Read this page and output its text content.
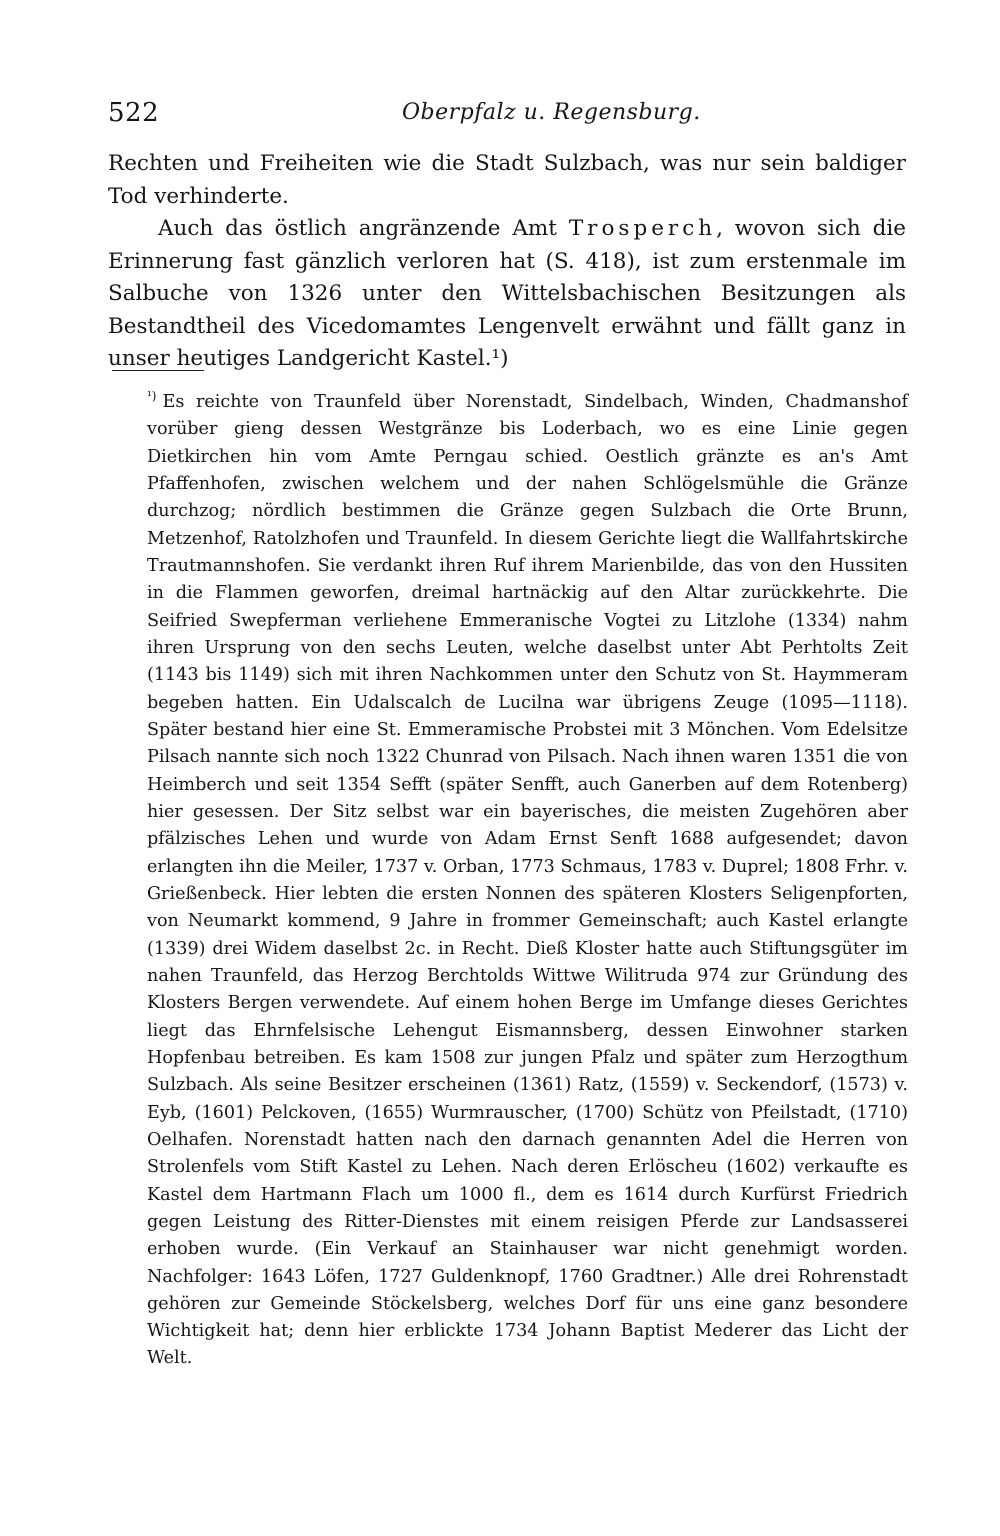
522	Oberpfalz u. Regensburg.

Rechten und Freiheiten wie die Stadt Sulzbach, was nur sein baldiger Tod verhinderte.

Auch das östlich angränzende Amt Trosperch, wovon sich die Erinnerung fast gänzlich verloren hat (S. 418), ist zum erstenmale im Salbuche von 1326 unter den Wittelsbachischen Besitzungen als Bestandtheil des Vicedomamtes Lengenvelt erwähnt und fällt ganz in unser heutiges Landgericht Kastel.¹)

$^{^1)}$ Es reichte von Traunfeld über Norenstadt, Sindelbach, Winden, Chadmanshof vorüber gieng dessen Westgränze bis Loderbach, wo es eine Linie gegen Dietkirchen hin vom Amte Perngau schied. Oestlich gränzte es an's Amt Pfaffenhofen, zwischen welchem und der nahen Schlögelsmühle die Gränze durchzog; nördlich bestimmen die Gränze gegen Sulzbach die Orte Brunn, Metzenhof, Ratolzhofen und Traunfeld. In diesem Gerichte liegt die Wallfahrtskirche Trautmannshofen. Sie verdankt ihren Ruf ihrem Marienbilde, das von den Hussiten in die Flammen geworfen, dreimal hartnäckig auf den Altar zurückkehrte. Die Seifried Swepferman verliehene Emmeranische Vogtei zu Litzlohe (1334) nahm ihren Ursprung von den sechs Leuten, welche daselbst unter Abt Perhtolts Zeit (1143 bis 1149) sich mit ihren Nachkommen unter den Schutz von St. Haymmeram begeben hatten. Ein Udalscalch de Lucilna war übrigens Zeuge (1095—1118). Später bestand hier eine St. Emmeramische Probstei mit 3 Mönchen. Vom Edelsitze Pilsach nannte sich noch 1322 Chunrad von Pilsach. Nach ihnen waren 1351 die von Heimberch und seit 1354 Sefft (später Senfft, auch Ganerben auf dem Rotenberg) hier gesessen. Der Sitz selbst war ein bayerisches, die meisten Zugehören aber pfälzisches Lehen und wurde von Adam Ernst Senft 1688 aufgesendet; davon erlangten ihn die Meiler, 1737 v. Orban, 1773 Schmaus, 1783 v. Duprel; 1808 Frhr. v. Grießenbeck. Hier lebten die ersten Nonnen des späteren Klosters Seligenpforten, von Neumarkt kommend, 9 Jahre in frommer Gemeinschaft; auch Kastel erlangte (1339) drei Widem daselbst 2c. in Recht. Dieß Kloster hatte auch Stiftungsgüter im nahen Traunfeld, das Herzog Berchtolds Wittwe Wilitruda 974 zur Gründung des Klosters Bergen verwendete. Auf einem hohen Berge im Umfange dieses Gerichtes liegt das Ehrnfelsische Lehengut Eismannsberg, dessen Einwohner starken Hopfenbau betreiben. Es kam 1508 zur jungen Pfalz und später zum Herzogthum Sulzbach. Als seine Besitzer erscheinen (1361) Ratz, (1559) v. Seckendorf, (1573) v. Eyb, (1601) Pelckoven, (1655) Wurmrauscher, (1700) Schütz von Pfeilstadt, (1710) Oelhafen. Norenstadt hatten nach den darnach genannten Adel die Herren von Strolenfels vom Stift Kastel zu Lehen. Nach deren Erlöscheu (1602) verkaufte es Kastel dem Hartmann Flach um 1000 fl., dem es 1614 durch Kurfürst Friedrich gegen Leistung des Ritter-Dienstes mit einem reisigen Pferde zur Landsasserei erhoben wurde. (Ein Verkauf an Stainhauser war nicht genehmigt worden. Nachfolger: 1643 Löfen, 1727 Guldenknopf, 1760 Gradtner.) Alle drei Rohrenstadt gehören zur Gemeinde Stöckelsberg, welches Dorf für uns eine ganz besondere Wichtigkeit hat; denn hier erblickte 1734 Johann Baptist Mederer das Licht der Welt.
